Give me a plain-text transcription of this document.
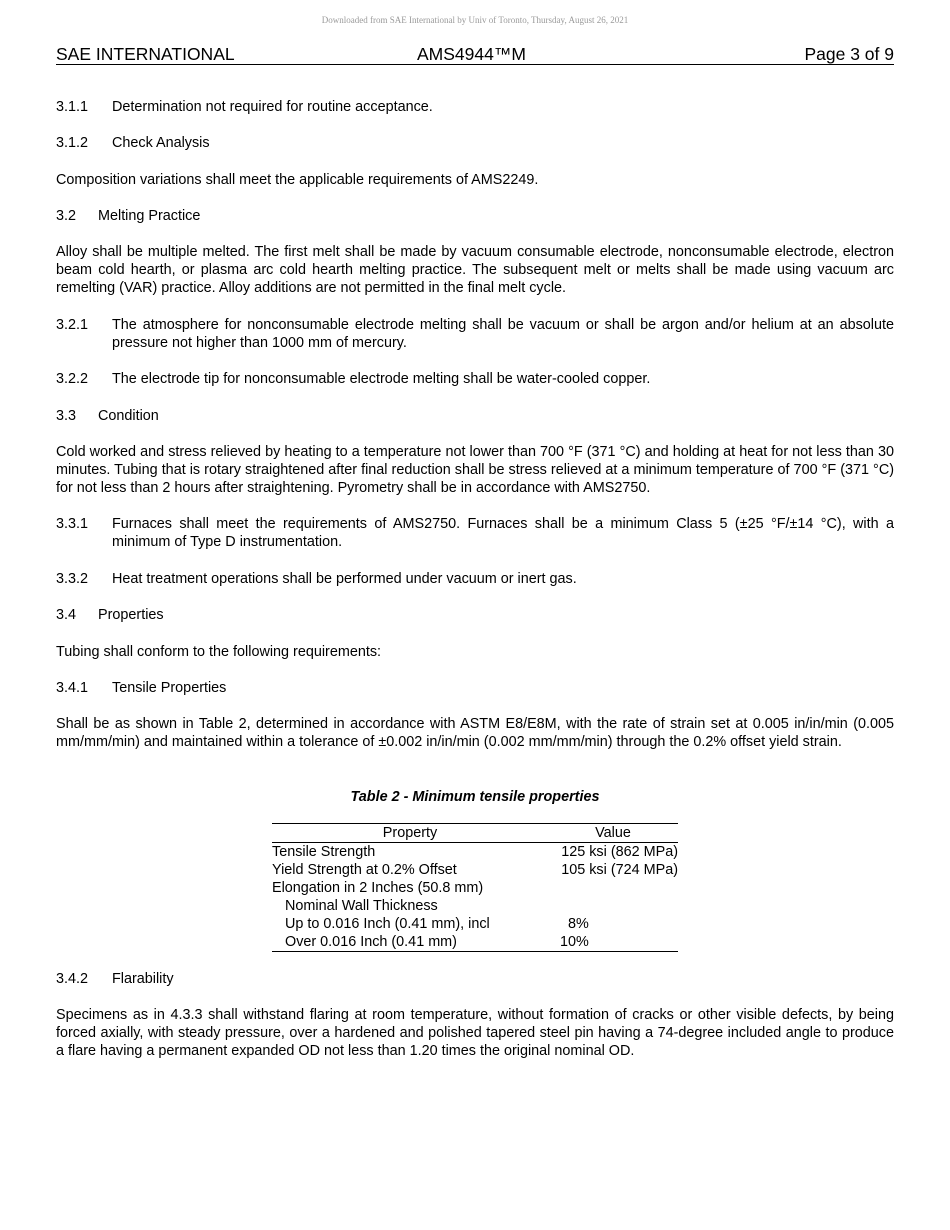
Downloaded from SAE International by Univ of Toronto, Thursday, August 26, 2021
SAE INTERNATIONAL	AMS4944™M	Page 3 of 9
3.1.1 Determination not required for routine acceptance.
3.1.2 Check Analysis
Composition variations shall meet the applicable requirements of AMS2249.
3.2 Melting Practice
Alloy shall be multiple melted. The first melt shall be made by vacuum consumable electrode, nonconsumable electrode, electron beam cold hearth, or plasma arc cold hearth melting practice. The subsequent melt or melts shall be made using vacuum arc remelting (VAR) practice. Alloy additions are not permitted in the final melt cycle.
3.2.1 The atmosphere for nonconsumable electrode melting shall be vacuum or shall be argon and/or helium at an absolute pressure not higher than 1000 mm of mercury.
3.2.2 The electrode tip for nonconsumable electrode melting shall be water-cooled copper.
3.3 Condition
Cold worked and stress relieved by heating to a temperature not lower than 700 °F (371 °C) and holding at heat for not less than 30 minutes. Tubing that is rotary straightened after final reduction shall be stress relieved at a minimum temperature of 700 °F (371 °C) for not less than 2 hours after straightening. Pyrometry shall be in accordance with AMS2750.
3.3.1 Furnaces shall meet the requirements of AMS2750. Furnaces shall be a minimum Class 5 (±25 °F/±14 °C), with a minimum of Type D instrumentation.
3.3.2 Heat treatment operations shall be performed under vacuum or inert gas.
3.4 Properties
Tubing shall conform to the following requirements:
3.4.1 Tensile Properties
Shall be as shown in Table 2, determined in accordance with ASTM E8/E8M, with the rate of strain set at 0.005 in/in/min (0.005 mm/mm/min) and maintained within a tolerance of ±0.002 in/in/min (0.002 mm/mm/min) through the 0.2% offset yield strain.
Table 2 - Minimum tensile properties
Property	Value
Tensile Strength	125 ksi (862 MPa)
Yield Strength at 0.2% Offset	105 ksi (724 MPa)
Elongation in 2 Inches (50.8 mm)	
Nominal Wall Thickness	
Up to 0.016 Inch (0.41 mm), incl	8%
Over 0.016 Inch (0.41 mm)	10%
3.4.2 Flarability
Specimens as in 4.3.3 shall withstand flaring at room temperature, without formation of cracks or other visible defects, by being forced axially, with steady pressure, over a hardened and polished tapered steel pin having a 74-degree included angle to produce a flare having a permanent expanded OD not less than 1.20 times the original nominal OD.
